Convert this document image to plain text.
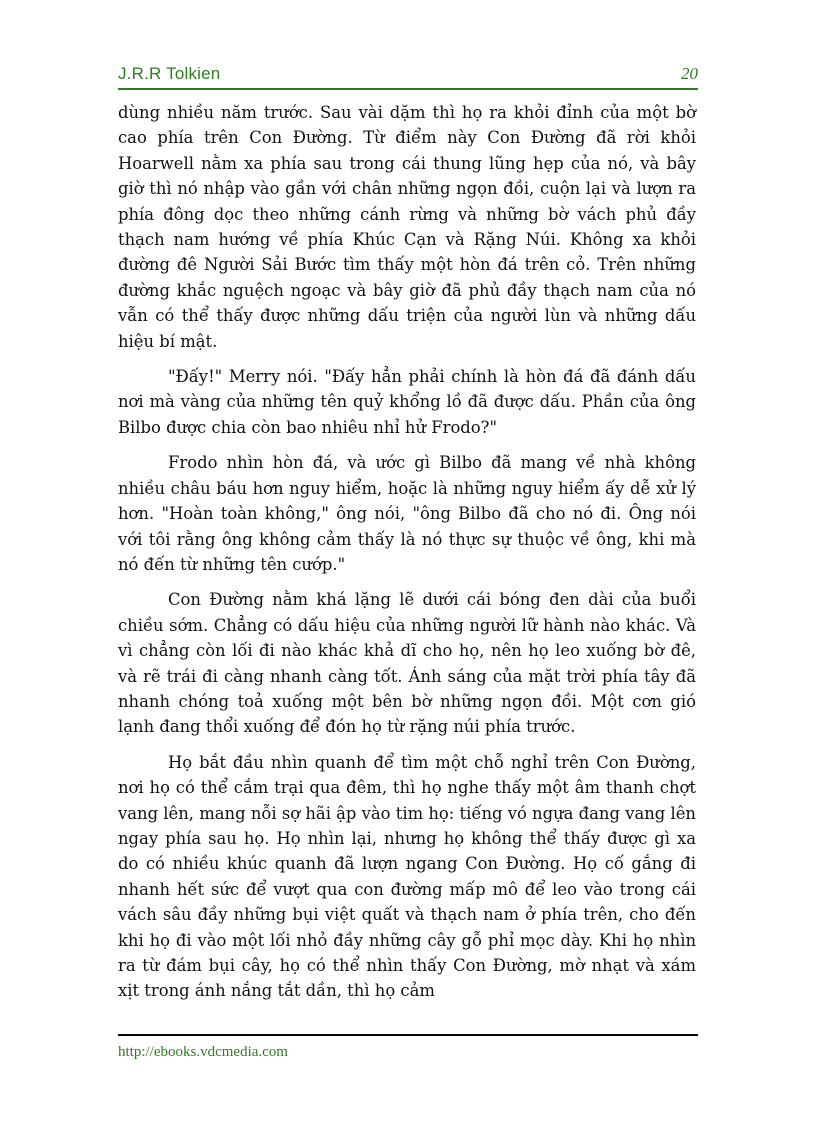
J.R.R Tolkien	20

dùng nhiều năm trước. Sau vài dặm thì họ ra khỏi đỉnh của một bờ cao phía trên Con Đường. Từ điểm này Con Đường đã rời khỏi Hoarwell nằm xa phía sau trong cái thung lũng hẹp của nó, và bây giờ thì nó nhập vào gần với chân những ngọn đồi, cuộn lại và lượn ra phía đông dọc theo những cánh rừng và những bờ vách phủ đầy thạch nam hướng về phía Khúc Cạn và Rặng Núi. Không xa khỏi đường đê Người Sải Bước tìm thấy một hòn đá trên cỏ. Trên những đường khắc nguệch ngoạc và bây giờ đã phủ đầy thạch nam của nó vẫn có thể thấy được những dấu triện của người lùn và những dấu hiệu bí mật.

"Đấy!" Merry nói. "Đấy hẳn phải chính là hòn đá đã đánh dấu nơi mà vàng của những tên quỷ khổng lồ đã được dấu. Phần của ông Bilbo được chia còn bao nhiêu nhỉ hử Frodo?"

Frodo nhìn hòn đá, và ước gì Bilbo đã mang về nhà không nhiều châu báu hơn nguy hiểm, hoặc là những nguy hiểm ấy dễ xử lý hơn. "Hoàn toàn không," ông nói, "ông Bilbo đã cho nó đi. Ông nói với tôi rằng ông không cảm thấy là nó thực sự thuộc về ông, khi mà nó đến từ những tên cướp."

Con Đường nằm khá lặng lẽ dưới cái bóng đen dài của buổi chiều sớm. Chẳng có dấu hiệu của những người lữ hành nào khác. Và vì chẳng còn lối đi nào khác khả dĩ cho họ, nên họ leo xuống bờ đê, và rẽ trái đi càng nhanh càng tốt. Ánh sáng của mặt trời phía tây đã nhanh chóng toả xuống một bên bờ những ngọn đồi. Một cơn gió lạnh đang thổi xuống để đón họ từ rặng núi phía trước.

Họ bắt đầu nhìn quanh để tìm một chỗ nghỉ trên Con Đường, nơi họ có thể cắm trại qua đêm, thì họ nghe thấy một âm thanh chợt vang lên, mang nỗi sợ hãi ập vào tim họ: tiếng vó ngựa đang vang lên ngay phía sau họ. Họ nhìn lại, nhưng họ không thể thấy được gì xa do có nhiều khúc quanh đã lượn ngang Con Đường. Họ cố gắng đi nhanh hết sức để vượt qua con đường mấp mô để leo vào trong cái vách sâu đầy những bụi việt quất và thạch nam ở phía trên, cho đến khi họ đi vào một lối nhỏ đầy những cây gỗ phỉ mọc dày. Khi họ nhìn ra từ đám bụi cây, họ có thể nhìn thấy Con Đường, mờ nhạt và xám xịt trong ánh nắng tắt dần, thì họ cảm

http://ebooks.vdcmedia.com
